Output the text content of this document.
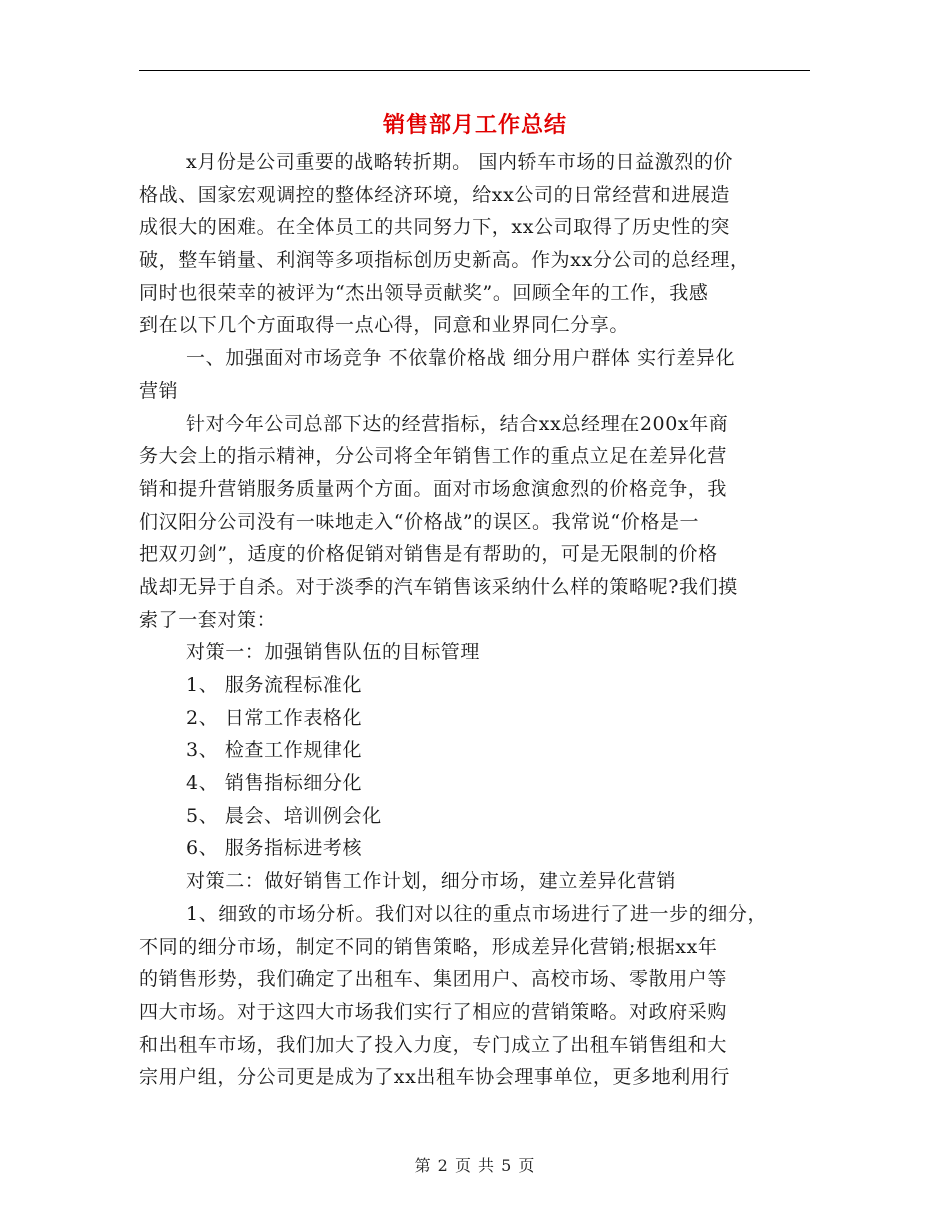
销售部月工作总结
x月份是公司重要的战略转折期。 国内轿车市场的日益激烈的价
格战、国家宏观调控的整体经济环境，给xx公司的日常经营和进展造
成很大的困难。在全体员工的共同努力下，xx公司取得了历史性的突
破，整车销量、利润等多项指标创历史新高。作为xx分公司的总经理，
同时也很荣幸的被评为“杰出领导贡献奖”。回顾全年的工作，我感
到在以下几个方面取得一点心得，同意和业界同仁分享。
一、加强面对市场竞争 不依靠价格战 细分用户群体 实行差异化
营销
针对今年公司总部下达的经营指标，结合xx总经理在200x年商
务大会上的指示精神，分公司将全年销售工作的重点立足在差异化营
销和提升营销服务质量两个方面。面对市场愈演愈烈的价格竞争，我
们汉阳分公司没有一味地走入“价格战”的误区。我常说“价格是一
把双刃剑”，适度的价格促销对销售是有帮助的，可是无限制的价格
战却无异于自杀。对于淡季的汽车销售该采纳什么样的策略呢?我们摸
索了一套对策：
对策一：加强销售队伍的目标管理
1、 服务流程标准化
2、 日常工作表格化
3、 检查工作规律化
4、 销售指标细分化
5、 晨会、培训例会化
6、 服务指标进考核
对策二：做好销售工作计划，细分市场，建立差异化营销
1、细致的市场分析。我们对以往的重点市场进行了进一步的细分，
不同的细分市场，制定不同的销售策略，形成差异化营销;根据xx年
的销售形势，我们确定了出租车、集团用户、高校市场、零散用户等
四大市场。对于这四大市场我们实行了相应的营销策略。对政府采购
和出租车市场，我们加大了投入力度，专门成立了出租车销售组和大
宗用户组，分公司更是成为了xx出租车协会理事单位，更多地利用行
第 2 页 共 5 页
